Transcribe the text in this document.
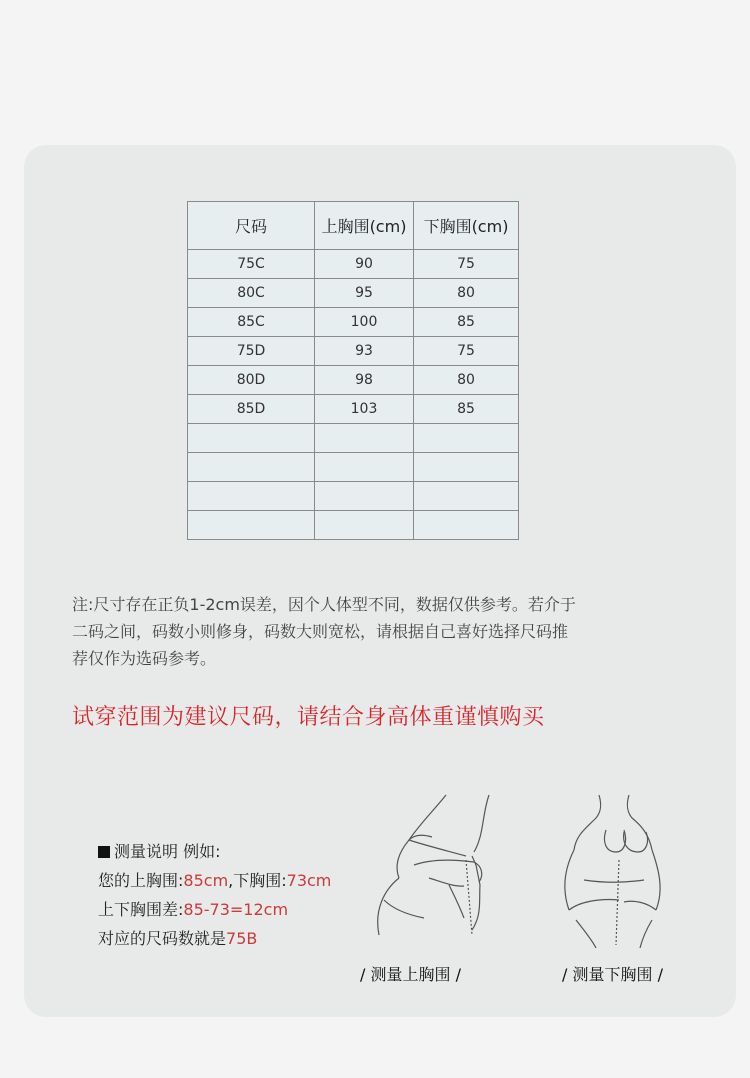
尺码	上胸围(cm)	下胸围(cm)
75C	90	75
80C	95	80
85C	100	85
75D	93	75
80D	98	80
85D	103	85

注:尺寸存在正负1-2cm误差，因个人体型不同，数据仅供参考。若介于
二码之间，码数小则修身，码数大则宽松，请根据自己喜好选择尺码推
荐仅作为选码参考。
试穿范围为建议尺码，请结合身高体重谨慎购买
测量说明 例如:
您的上胸围:85cm,下胸围:73cm
上下胸围差:85-73=12cm
对应的尺码数就是75B
/ 测量上胸围 /	/ 测量下胸围 /
